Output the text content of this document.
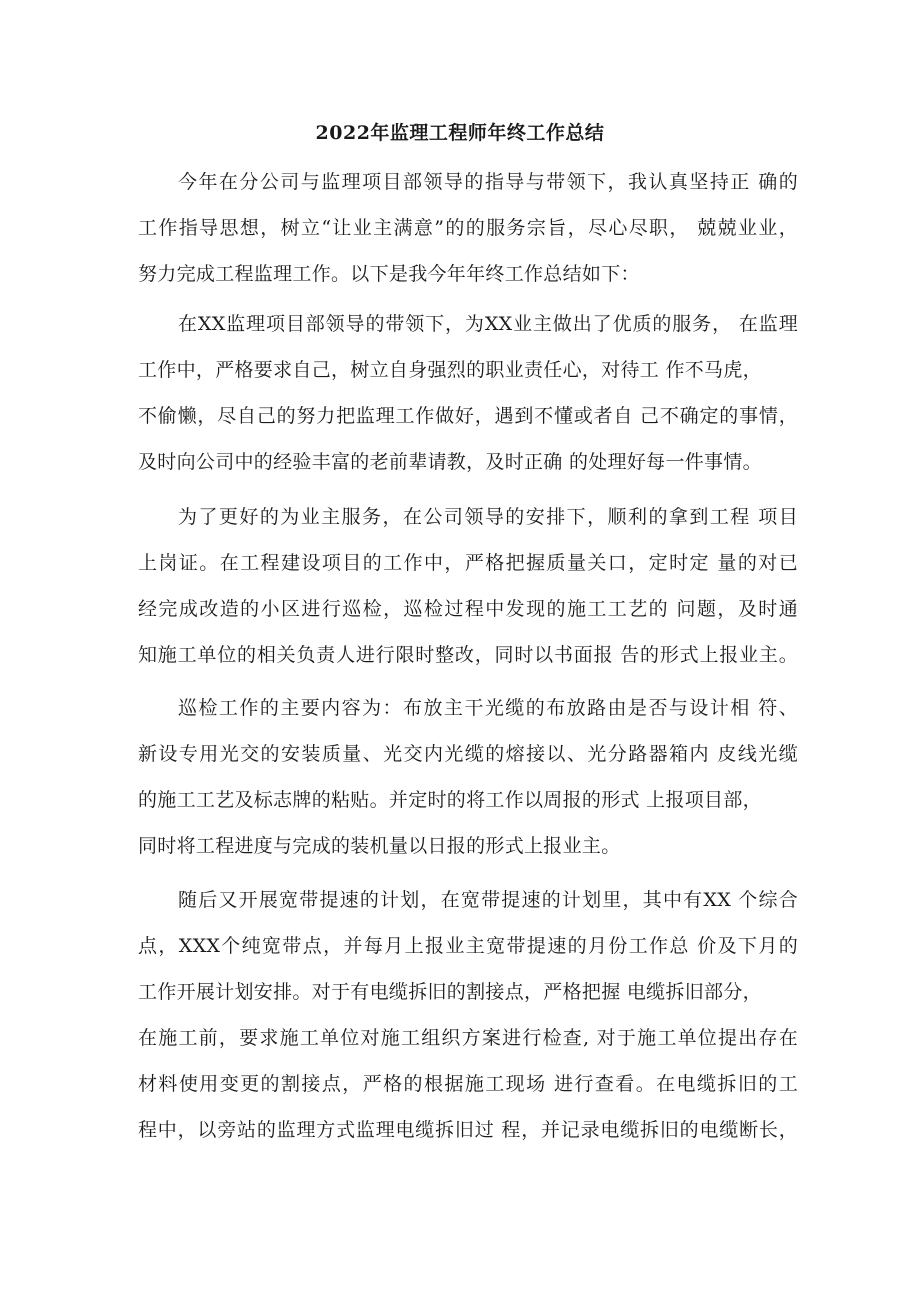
2022年监理工程师年终工作总结
今年在分公司与监理项目部领导的指导与带领下，我认真坚持正 确的
工作指导思想，树立“让业主满意”的的服务宗旨，尽心尽职， 兢兢业业，
努力完成工程监理工作。以下是我今年年终工作总结如下：
在XX监理项目部领导的带领下，为XX业主做出了优质的服务， 在监理
工作中，严格要求自己，树立自身强烈的职业责任心，对待工 作不马虎，
不偷懒，尽自己的努力把监理工作做好，遇到不懂或者自 己不确定的事情，
及时向公司中的经验丰富的老前辈请教，及时正确 的处理好每一件事情。
为了更好的为业主服务，在公司领导的安排下，顺利的拿到工程 项目
上岗证。在工程建设项目的工作中，严格把握质量关口，定时定 量的对已
经完成改造的小区进行巡检，巡检过程中发现的施工工艺的 问题，及时通
知施工单位的相关负责人进行限时整改，同时以书面报 告的形式上报业主。
巡检工作的主要内容为：布放主干光缆的布放路由是否与设计相 符、
新设专用光交的安装质量、光交内光缆的熔接以、光分路器箱内 皮线光缆
的施工工艺及标志牌的粘贴。并定时的将工作以周报的形式 上报项目部，
同时将工程进度与完成的装机量以日报的形式上报业主。
随后又开展宽带提速的计划，在宽带提速的计划里，其中有XX 个综合
点，XXX个纯宽带点，并每月上报业主宽带提速的月份工作总 价及下月的
工作开展计划安排。对于有电缆拆旧的割接点，严格把握 电缆拆旧部分，
在施工前，要求施工单位对施工组织方案进行检查, 对于施工单位提出存在
材料使用变更的割接点，严格的根据施工现场 进行查看。在电缆拆旧的工
程中，以旁站的监理方式监理电缆拆旧过 程，并记录电缆拆旧的电缆断长，
